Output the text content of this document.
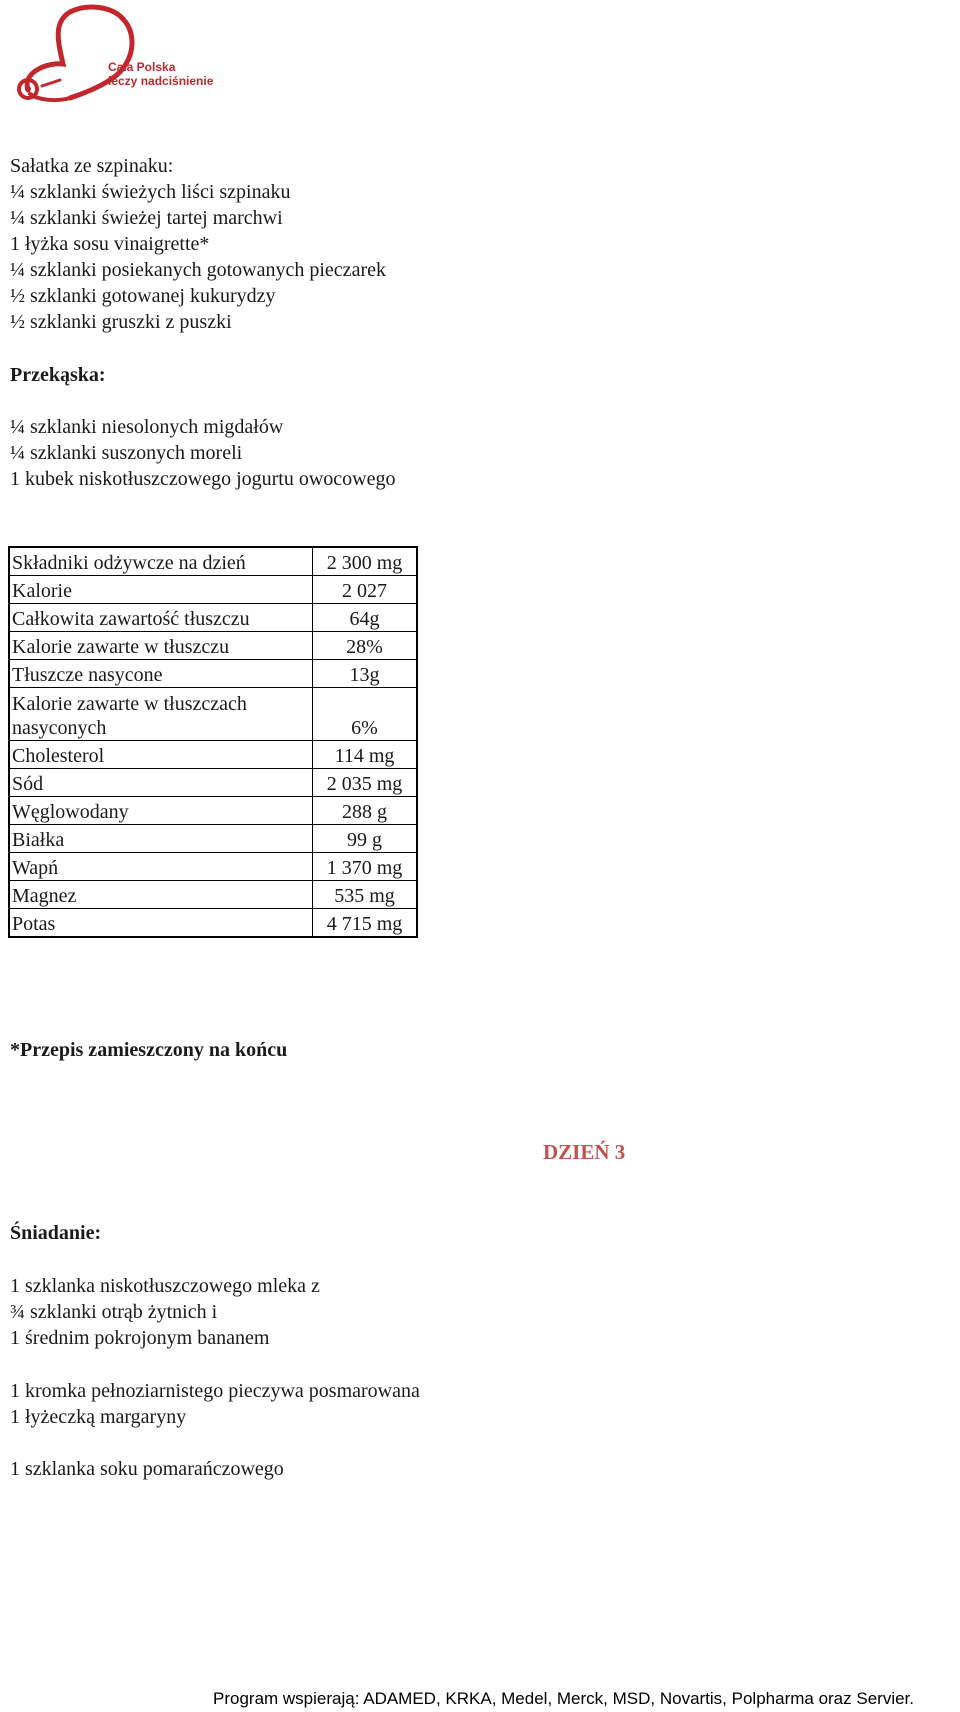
Cała Polska
leczy nadciśnienie
Sałatka ze szpinaku:
¼ szklanki świeżych liści szpinaku
¼ szklanki świeżej tartej marchwi
1 łyżka sosu vinaigrette*
¼ szklanki posiekanych gotowanych pieczarek
½ szklanki gotowanej kukurydzy
½ szklanki gruszki z puszki
Przekąska:
¼ szklanki niesolonych migdałów
¼ szklanki suszonych moreli
1 kubek niskotłuszczowego jogurtu owocowego
Składniki odżywcze na dzień	2 300 mg
Kalorie	2 027
Całkowita zawartość tłuszczu	64g
Kalorie zawarte w tłuszczu	28%
Tłuszcze nasycone	13g

Kalorie zawarte w tłuszczach
nasyconych	6%
Cholesterol	114 mg
Sód	2 035 mg
Węglowodany	288 g
Białka	99 g
Wapń	1 370 mg
Magnez	535 mg
Potas	4 715 mg
*Przepis zamieszczony na końcu
DZIEŃ 3
Śniadanie:
1 szklanka niskotłuszczowego mleka z
¾ szklanki otrąb żytnich i
1 średnim pokrojonym bananem
1 kromka pełnoziarnistego pieczywa posmarowana
1 łyżeczką margaryny
1 szklanka soku pomarańczowego
Program wspierają: ADAMED, KRKA, Medel, Merck, MSD, Novartis, Polpharma oraz Servier.
